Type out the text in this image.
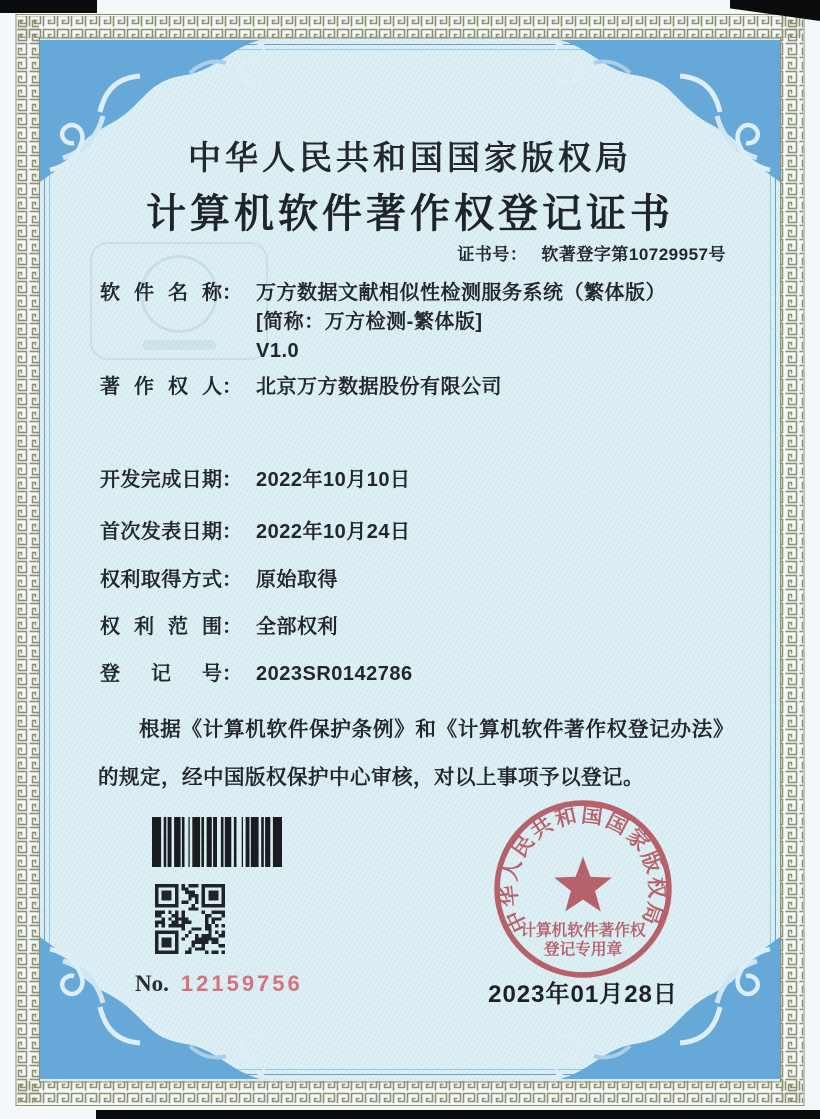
中华人民共和国国家版权局
计算机软件著作权登记证书
证书号： 软著登字第10729957号
软件名称 ： 万方数据文献相似性检测服务系统（繁体版）
[简称：万方检测-繁体版]
V1.0
著作权人 ： 北京万方数据股份有限公司
开发完成日期 ： 2022年10月10日
首次发表日期 ： 2022年10月24日
权利取得方式 ： 原始取得
权利范围 ： 全部权利
登记号 ： 2023SR0142786
根据《计算机软件保护条例》和《计算机软件著作权登记办法》的规定，经中国版权保护中心审核，对以上事项予以登记。
No. 12159756
中华人民共和国国家版权局
计算机软件著作权
登记专用章
2023年01月28日
